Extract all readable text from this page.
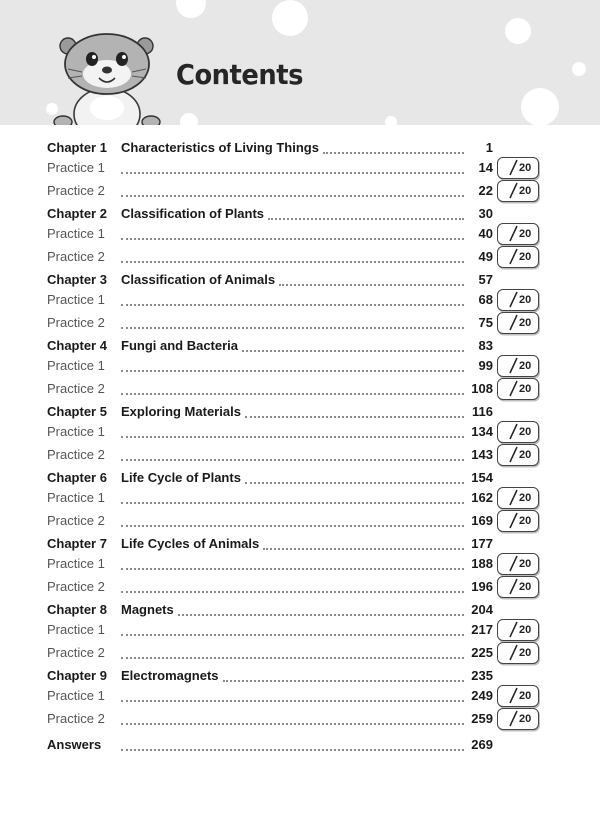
Contents
Chapter 1 Characteristics of Living Things	1
Practice 1	14 20
Practice 2	22 20
Chapter 2 Classification of Plants	30
Practice 1	40 20
Practice 2	49 20
Chapter 3 Classification of Animals	57
Practice 1	68 20
Practice 2	75 20
Chapter 4 Fungi and Bacteria	83
Practice 1	99 20
Practice 2	108 20
Chapter 5 Exploring Materials	116
Practice 1	134 20
Practice 2	143 20
Chapter 6 Life Cycle of Plants	154
Practice 1	162 20
Practice 2	169 20
Chapter 7 Life Cycles of Animals	177
Practice 1	188 20
Practice 2	196 20
Chapter 8 Magnets	204
Practice 1	217 20
Practice 2	225 20
Chapter 9 Electromagnets	235
Practice 1	249 20
Practice 2	259 20
Answers	269
